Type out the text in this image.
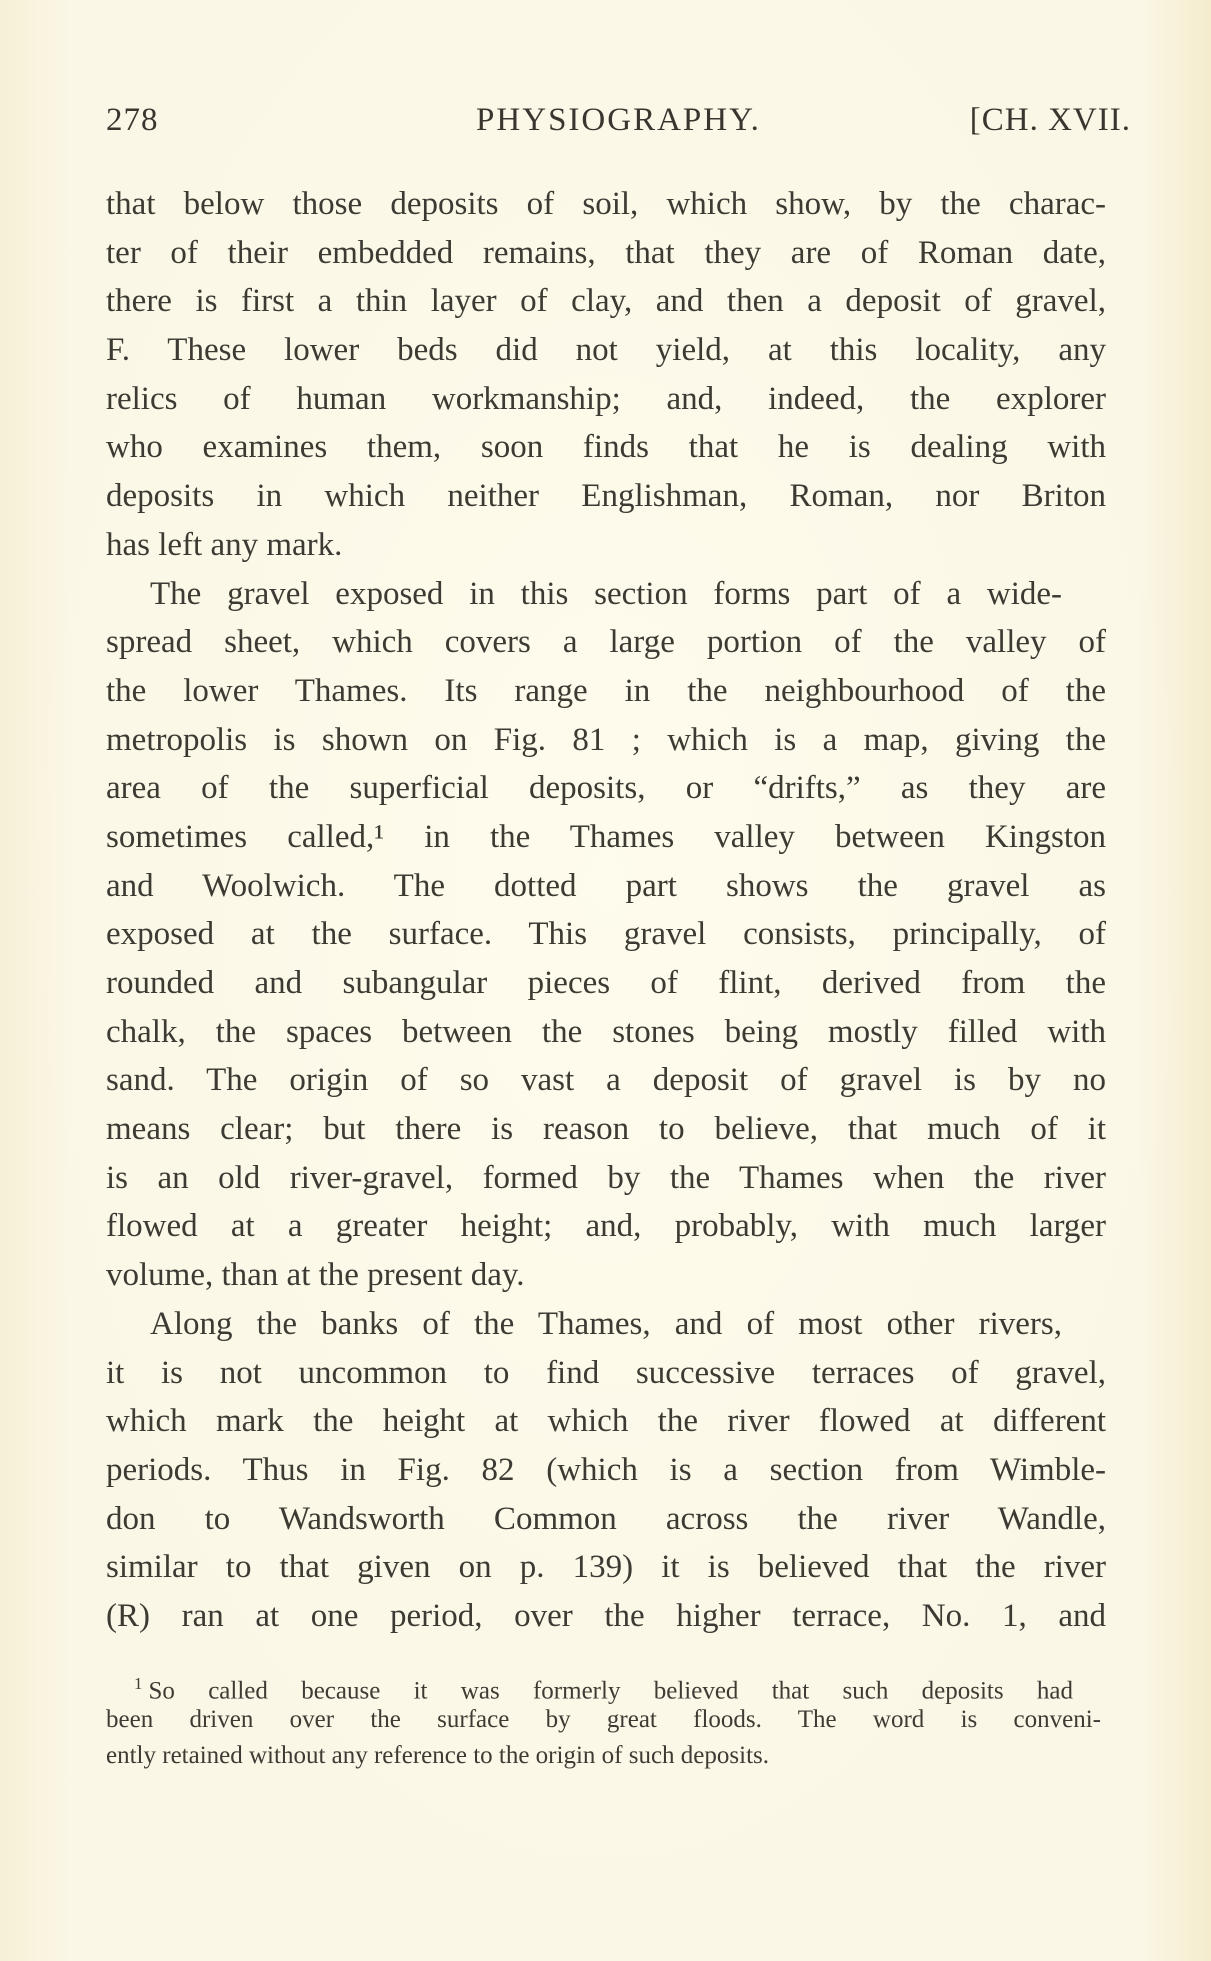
278	PHYSIOGRAPHY.	[CH. XVII.
that below those deposits of soil, which show, by the charac-
ter of their embedded remains, that they are of Roman date,
there is first a thin layer of clay, and then a deposit of gravel,
F. These lower beds did not yield, at this locality, any
relics of human workmanship; and, indeed, the explorer
who examines them, soon finds that he is dealing with
deposits in which neither Englishman, Roman, nor Briton
has left any mark.
The gravel exposed in this section forms part of a wide-
spread sheet, which covers a large portion of the valley of
the lower Thames. Its range in the neighbourhood of the
metropolis is shown on Fig. 81 ; which is a map, giving the
area of the superficial deposits, or “drifts,” as they are
sometimes called,¹ in the Thames valley between Kingston
and Woolwich. The dotted part shows the gravel as
exposed at the surface. This gravel consists, principally, of
rounded and subangular pieces of flint, derived from the
chalk, the spaces between the stones being mostly filled with
sand. The origin of so vast a deposit of gravel is by no
means clear; but there is reason to believe, that much of it
is an old river-gravel, formed by the Thames when the river
flowed at a greater height; and, probably, with much larger
volume, than at the present day.
Along the banks of the Thames, and of most other rivers,
it is not uncommon to find successive terraces of gravel,
which mark the height at which the river flowed at different
periods. Thus in Fig. 82 (which is a section from Wimble-
don to Wandsworth Common across the river Wandle,
similar to that given on p. 139) it is believed that the river
(R) ran at one period, over the higher terrace, No. 1, and
$^1$ So called because it was formerly believed that such deposits had
been driven over the surface by great floods. The word is conveni-
ently retained without any reference to the origin of such deposits.
